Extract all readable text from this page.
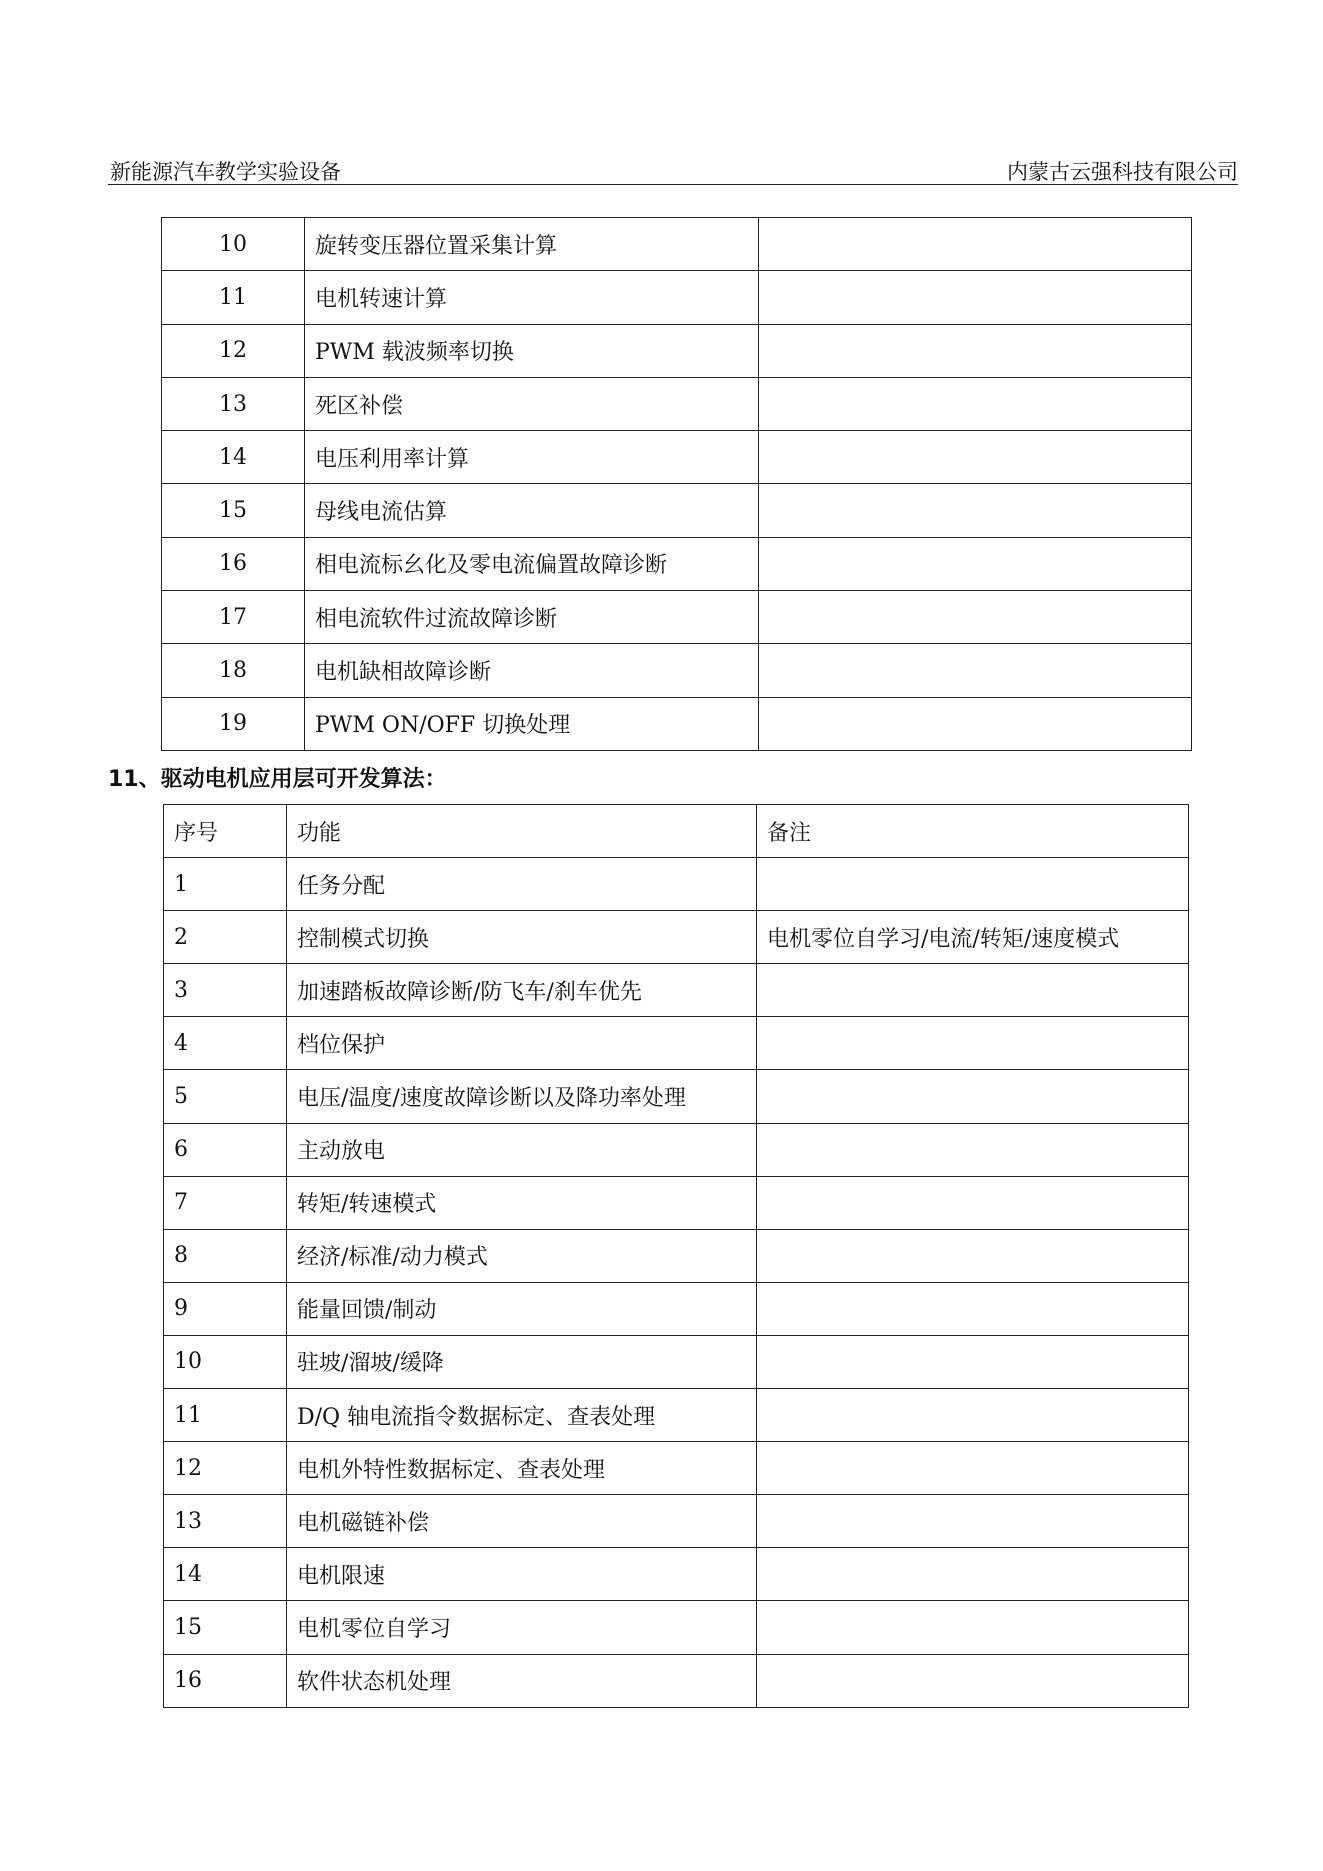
新能源汽车教学实验设备	内蒙古云强科技有限公司
10	旋转变压器位置采集计算	
11	电机转速计算	
12	PWM 载波频率切换	
13	死区补偿	
14	电压利用率计算	
15	母线电流估算	
16	相电流标幺化及零电流偏置故障诊断	
17	相电流软件过流故障诊断	
18	电机缺相故障诊断	
19	PWM ON/OFF 切换处理	
11、驱动电机应用层可开发算法：
序号	功能	备注
1	任务分配	
2	控制模式切换	电机零位自学习/电流/转矩/速度模式
3	加速踏板故障诊断/防飞车/刹车优先	
4	档位保护	
5	电压/温度/速度故障诊断以及降功率处理	
6	主动放电	
7	转矩/转速模式	
8	经济/标准/动力模式	
9	能量回馈/制动	
10	驻坡/溜坡/缓降	
11	D/Q 轴电流指令数据标定、查表处理	
12	电机外特性数据标定、查表处理	
13	电机磁链补偿	
14	电机限速	
15	电机零位自学习	
16	软件状态机处理	
